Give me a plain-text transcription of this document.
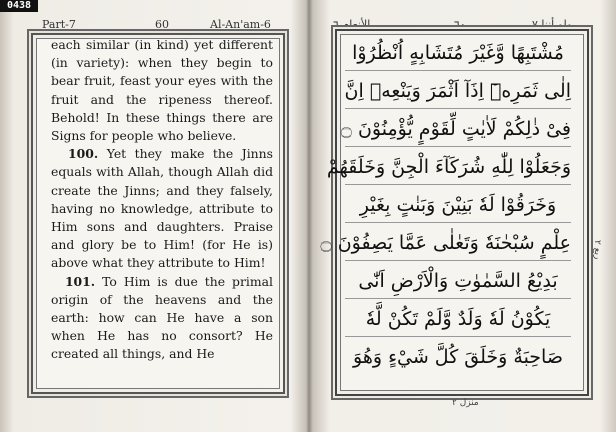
0438
Part-7	60	Al-An'am-6

each similar (in kind) yet different (in variety): when they begin to bear fruit, feast your eyes with the fruit and the ripeness thereof. Behold! In these things there are Signs for people who believe.

100. Yet they make the Jinns equals with Allah, though Allah did create the Jinns; and they falsely, having no knowledge, attribute to Him sons and daughters. Praise and glory be to Him! (for He is) above what they attribute to Him!

101. To Him is due the primal origin of the heavens and the earth: how can He have a son when He has no consort? He created all things, and He

الأنعام ٦	٦٠	ولو أننا ٧
مُشْتَبِهًا وَّغَيْرَ مُتَشَابِهٍ اُنْظُرُوْا
اِلٰى ثَمَرِهٖٓ اِذَآ اَثْمَرَ وَيَنْعِهٖ اِنَّ
فِىْ ذٰلِكُمْ لَاٰيٰتٍ لِّقَوْمٍ يُّؤْمِنُوْنَ ۝
وَجَعَلُوْا لِلّٰهِ شُرَكَآءَ الْجِنَّ وَخَلَقَهُمْ
وَخَرَقُوْا لَهٗ بَنِيْنَ وَبَنٰتٍ بِغَيْرِ
عِلْمٍ سُبْحٰنَهٗ وَتَعٰلٰى عَمَّا يَصِفُوْنَ ۝
بَدِيْعُ السَّمٰوٰتِ وَالْاَرْضِ اَنّٰى
يَكُوْنُ لَهٗ وَلَدٌ وَّلَمْ تَكُنْ لَّهٗ
صَاحِبَةٌ وَخَلَقَ كُلَّ شَيْءٍ وَهُوَ
ربع ٢
منزل ٢
